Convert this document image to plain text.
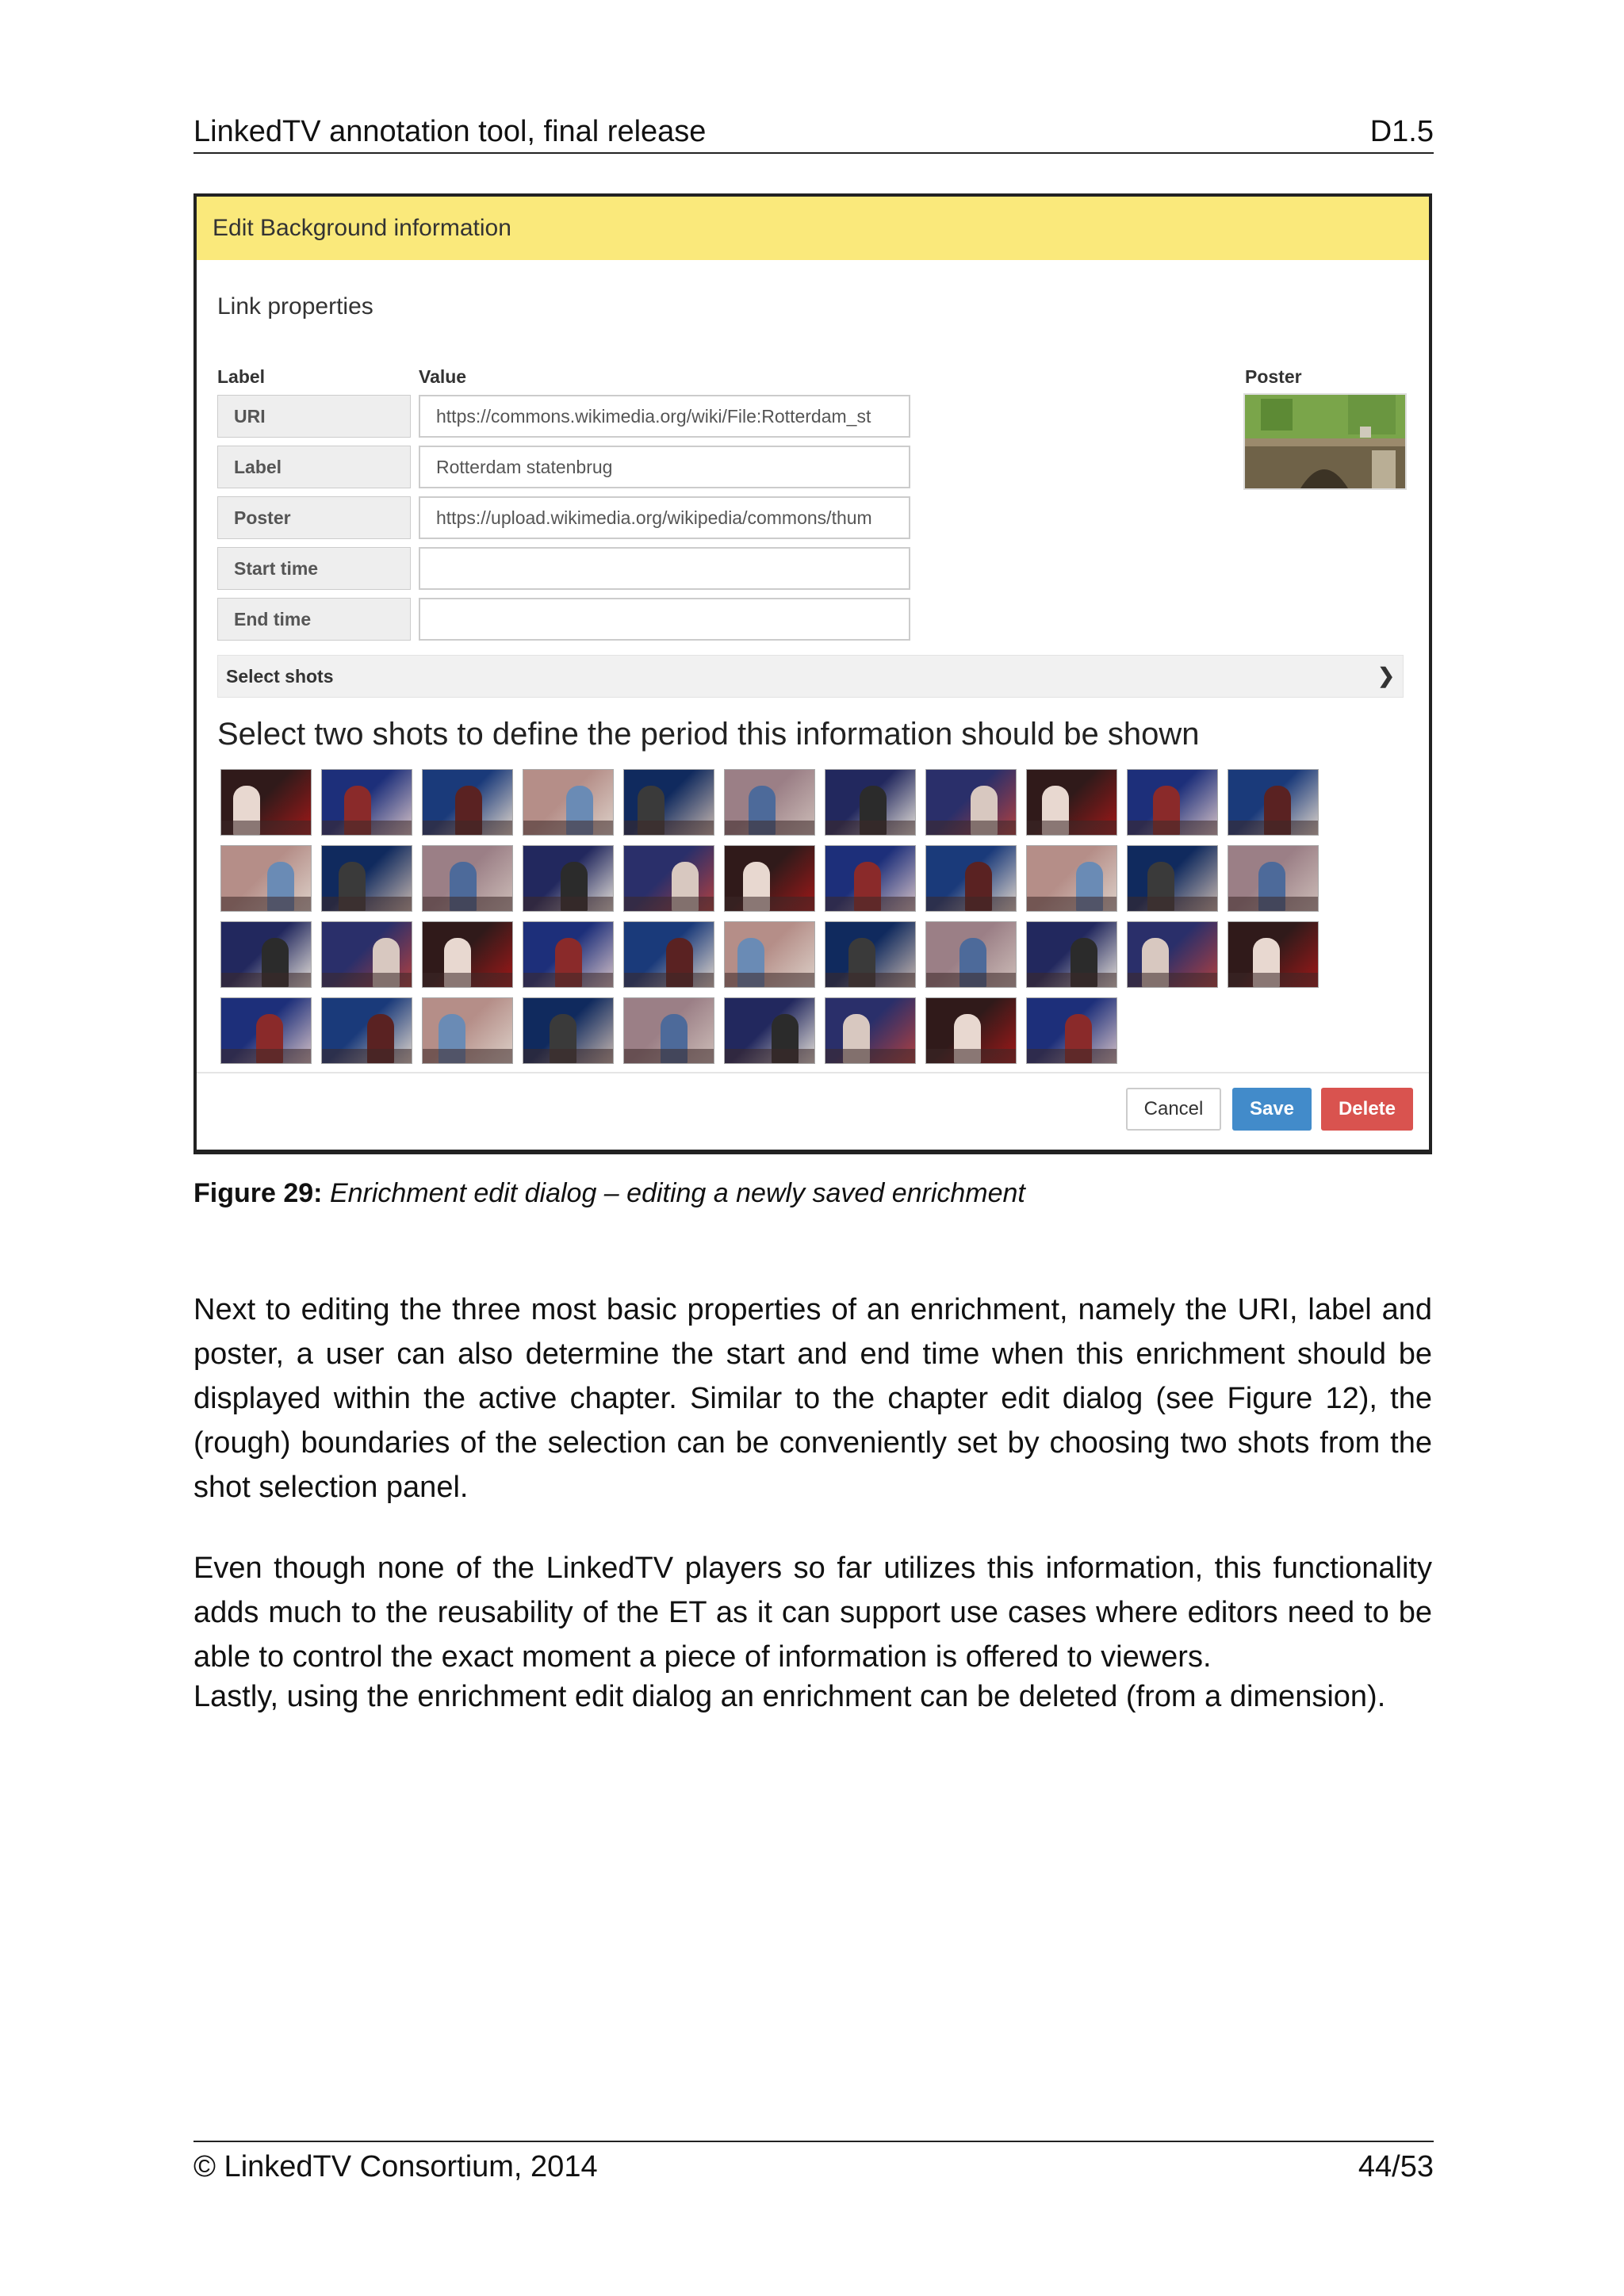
LinkedTV annotation tool, final release	D1.5
Edit Background information
Link properties
Label	Value	Poster
URI	https://commons.wikimedia.org/wiki/File:Rotterdam_st
Label	Rotterdam statenbrug
Poster	https://upload.wikimedia.org/wikipedia/commons/thum
Start time
End time
Select shots	❯
Select two shots to define the period this information should be shown
Cancel	Save	Delete
Figure 29: Enrichment edit dialog – editing a newly saved enrichment

Next to editing the three most basic properties of an enrichment, namely the URI, label and poster, a user can also determine the start and end time when this enrichment should be displayed within the active chapter. Similar to the chapter edit dialog (see Figure 12), the (rough) boundaries of the selection can be conveniently set by choosing two shots from the shot selection panel.

Even though none of the LinkedTV players so far utilizes this information, this functionality adds much to the reusability of the ET as it can support use cases where editors need to be able to control the exact moment a piece of information is offered to viewers.

Lastly, using the enrichment edit dialog an enrichment can be deleted (from a dimension).

© LinkedTV Consortium, 2014	44/53
